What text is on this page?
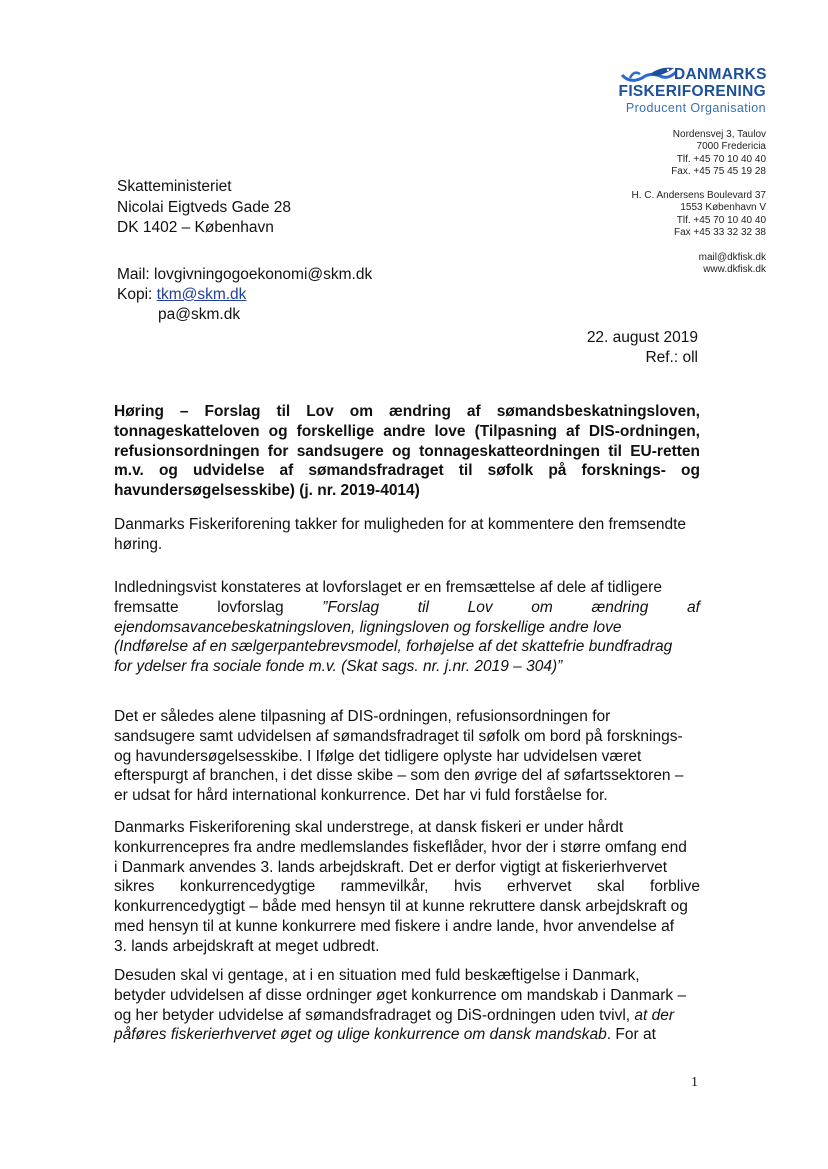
DANMARKS
FISKERIFORENING
Producent Organisation
Nordensvej 3, Taulov
7000 Fredericia
Tlf. +45 70 10 40 40
Fax. +45 75 45 19 28
H. C. Andersens Boulevard 37
1553 København V
Tlf. +45 70 10 40 40
Fax +45 33 32 32 38
mail@dkfisk.dk
www.dkfisk.dk
Skatteministeriet
Nicolai Eigtveds Gade 28
DK 1402 – København
Mail: lovgivningogoekonomi@skm.dk
Kopi: tkm@skm.dk
pa@skm.dk
22. august 2019
Ref.: oll
Høring – Forslag til Lov om ændring af sømandsbeskatningsloven,
tonnageskatteloven og forskellige andre love (Tilpasning af DIS-ordningen,
refusionsordningen for sandsugere og tonnageskatteordningen til EU-retten
m.v. og udvidelse af sømandsfradraget til søfolk på forsknings- og
havundersøgelsesskibe) (j. nr. 2019-4014)
Danmarks Fiskeriforening takker for muligheden for at kommentere den fremsendte
høring.
Indledningsvist konstateres at lovforslaget er en fremsættelse af dele af tidligere
fremsatte lovforslag ”Forslag til Lov om ændring af
ejendomsavancebeskatningsloven, ligningsloven og forskellige andre love
(Indførelse af en sælgerpantebrevsmodel, forhøjelse af det skattefrie bundfradrag
for ydelser fra sociale fonde m.v. (Skat sags. nr. j.nr. 2019 – 304)”
Det er således alene tilpasning af DIS-ordningen, refusionsordningen for
sandsugere samt udvidelsen af sømandsfradraget til søfolk om bord på forsknings-
og havundersøgelsesskibe. I Ifølge det tidligere oplyste har udvidelsen været
efterspurgt af branchen, i det disse skibe – som den øvrige del af søfartssektoren –
er udsat for hård international konkurrence. Det har vi fuld forståelse for.
Danmarks Fiskeriforening skal understrege, at dansk fiskeri er under hårdt
konkurrencepres fra andre medlemslandes fiskeflåder, hvor der i større omfang end
i Danmark anvendes 3. lands arbejdskraft. Det er derfor vigtigt at fiskerierhvervet
sikres konkurrencedygtige rammevilkår, hvis erhvervet skal forblive
konkurrencedygtigt – både med hensyn til at kunne rekruttere dansk arbejdskraft og
med hensyn til at kunne konkurrere med fiskere i andre lande, hvor anvendelse af
3. lands arbejdskraft at meget udbredt.
Desuden skal vi gentage, at i en situation med fuld beskæftigelse i Danmark,
betyder udvidelsen af disse ordninger øget konkurrence om mandskab i Danmark –
og her betyder udvidelse af sømandsfradraget og DiS-ordningen uden tvivl, at der
påføres fiskerierhvervet øget og ulige konkurrence om dansk mandskab. For at
1
